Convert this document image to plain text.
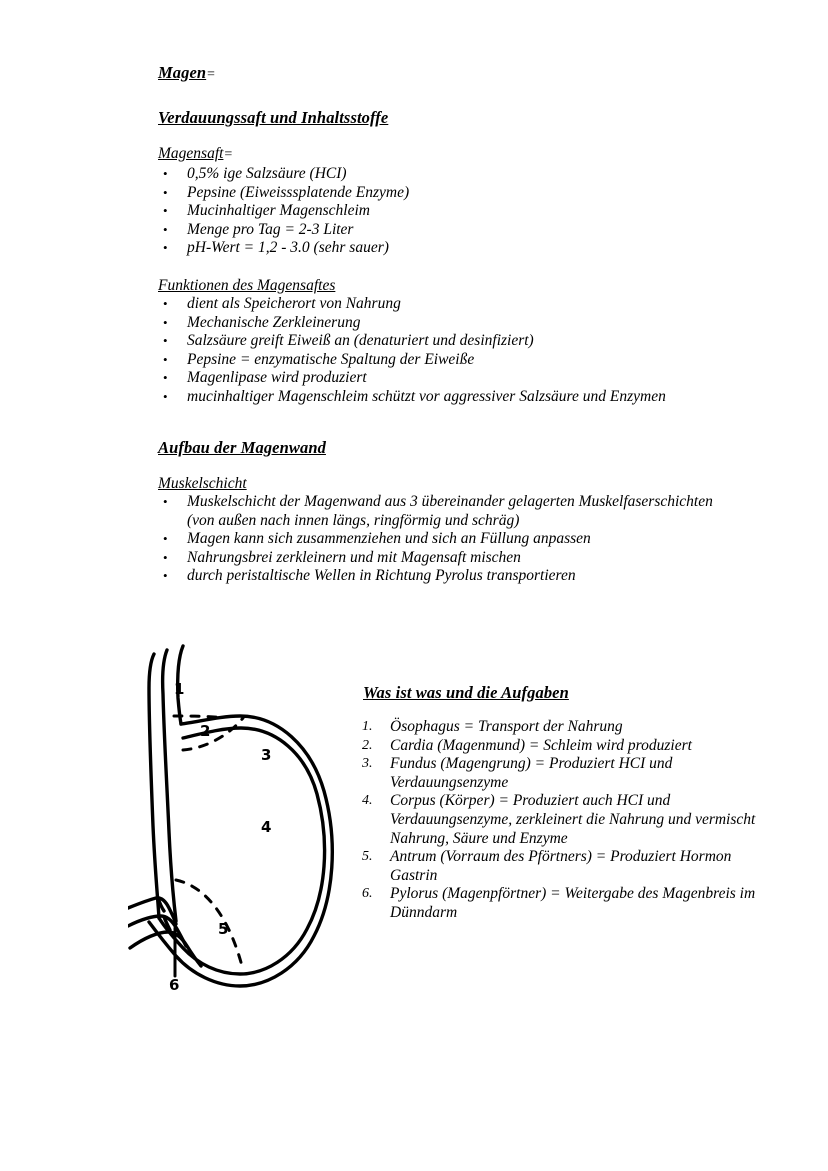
Magen=
Verdauungssaft und Inhaltsstoffe
Magensaft=
• 0,5% ige Salzsäure (HCI)
• Pepsine (Eiweisssplatende Enzyme)
• Mucinhaltiger Magenschleim
• Menge pro Tag = 2-3 Liter
• pH-Wert = 1,2 - 3.0 (sehr sauer)
Funktionen des Magensaftes
• dient als Speicherort von Nahrung
• Mechanische Zerkleinerung
• Salzsäure greift Eiweiß an (denaturiert und desinfiziert)
• Pepsine = enzymatische Spaltung der Eiweiße
• Magenlipase wird produziert
• mucinhaltiger Magenschleim schützt vor aggressiver Salzsäure und Enzymen
Aufbau der Magenwand
Muskelschicht
• Muskelschicht der Magenwand aus 3 übereinander gelagerten Muskelfaserschichten (von außen nach innen längs, ringförmig und schräg)
• Magen kann sich zusammenziehen und sich an Füllung anpassen
• Nahrungsbrei zerkleinern und mit Magensaft mischen
• durch peristaltische Wellen in Richtung Pyrolus transportieren
1
2
3
4
5
6
Was ist was und die Aufgaben
1. Ösophagus = Transport der Nahrung
2. Cardia (Magenmund) = Schleim wird produziert
3. Fundus (Magengrung) = Produziert HCI und Verdauungsenzyme
4. Corpus (Körper) = Produziert auch HCI und Verdauungsenzyme, zerkleinert die Nahrung und vermischt Nahrung, Säure und Enzyme
5. Antrum (Vorraum des Pförtners) = Produziert Hormon Gastrin
6. Pylorus (Magenpförtner) = Weitergabe des Magenbreis im Dünndarm
